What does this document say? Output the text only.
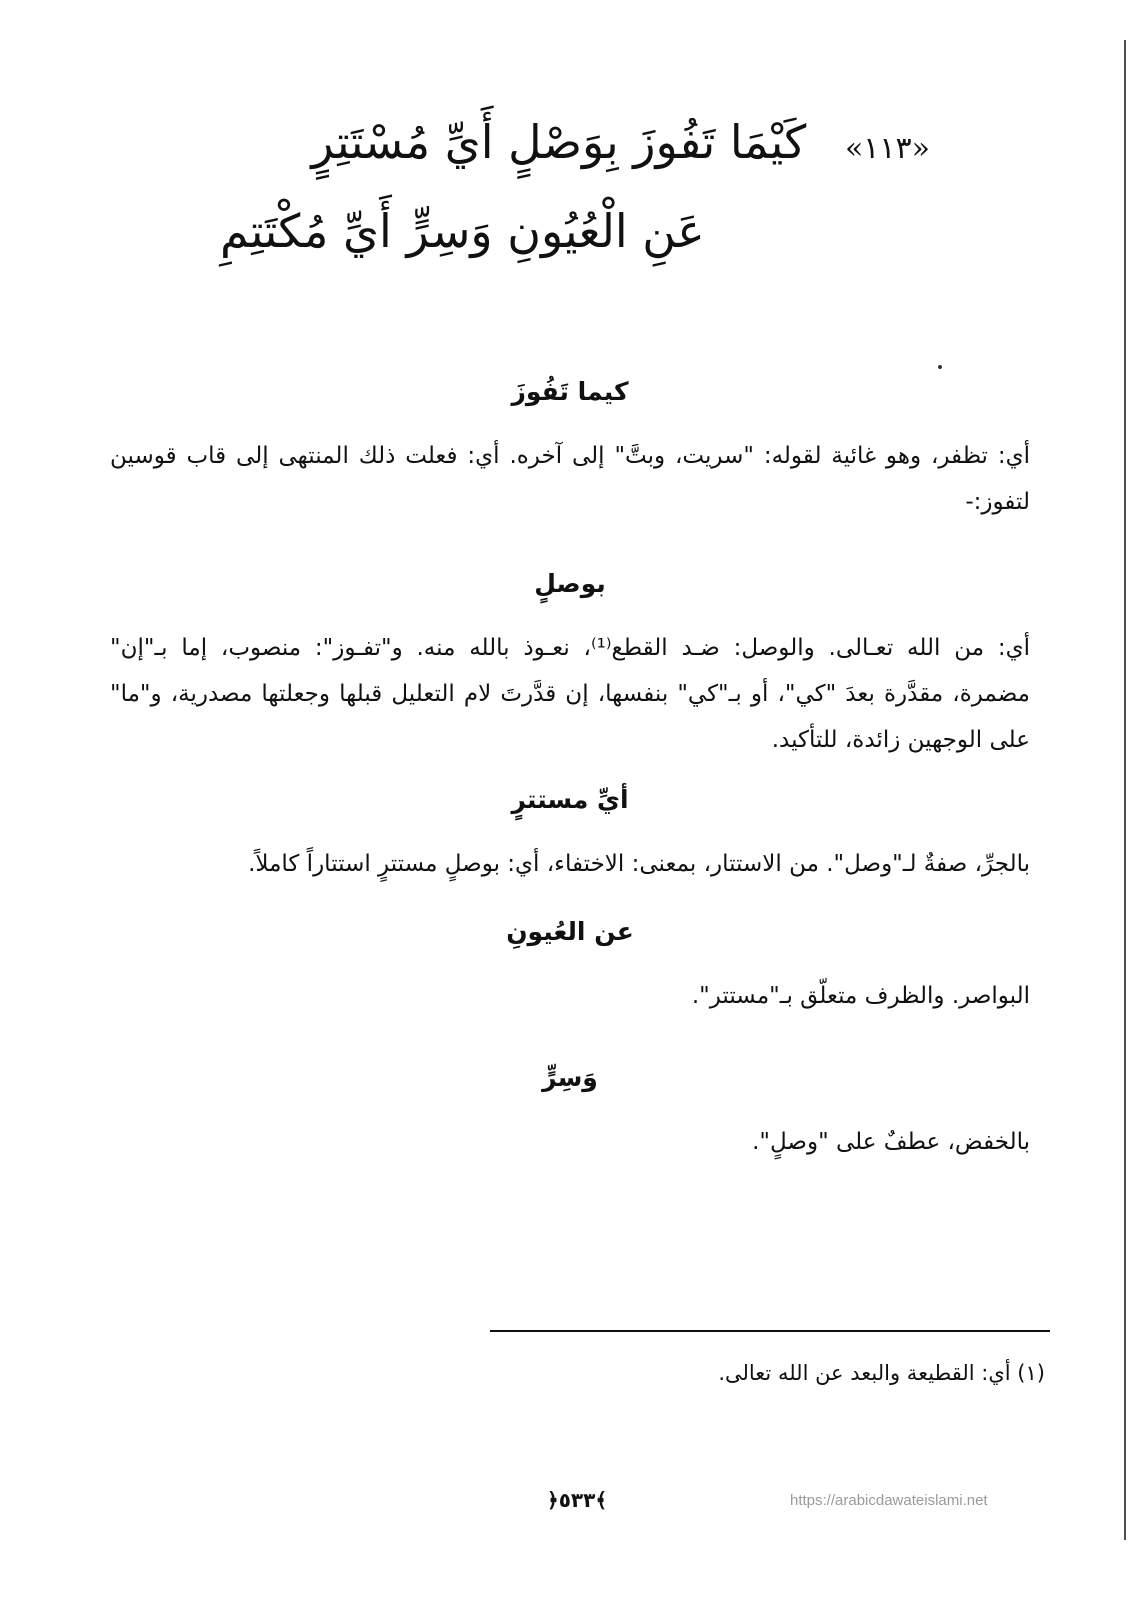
«١١٣» كَيْمَا تَفُوزَ بِوَصْلٍ أَيِّ مُسْتَتِرٍ
عَنِ الْعُيُونِ وَسِرٍّ أَيِّ مُكْتَتِمِ
كيما تَفُوزَ

أي: تظفر، وهو غائية لقوله: "سريت، وبتَّ" إلى آخره. أي: فعلت ذلك المنتهى إلى قاب قوسين لتفوز:-

بوصلٍ

أي: من الله تعـالى. والوصل: ضـد القطع⁽¹⁾، نعـوذ بالله منه. و"تفـوز": منصوب، إما بـ"إن" مضمرة، مقدَّرة بعدَ "كي"، أو بـ"كي" بنفسها، إن قدَّرتَ لام التعليل قبلها وجعلتها مصدرية، و"ما" على الوجهين زائدة، للتأكيد.

أيِّ مستترٍ

بالجرِّ، صفةٌ لـ"وصل". من الاستتار، بمعنى: الاختفاء، أي: بوصلٍ مستترٍ استتاراً كاملاً.

عن العُيونِ

البواصر. والظرف متعلّق بـ"مستتر".

وَسِرٍّ

بالخفض، عطفٌ على "وصلٍ".

(١) أي: القطيعة والبعد عن الله تعالى.
﴿٥٣٣﴾	https://arabicdawateislami.net
